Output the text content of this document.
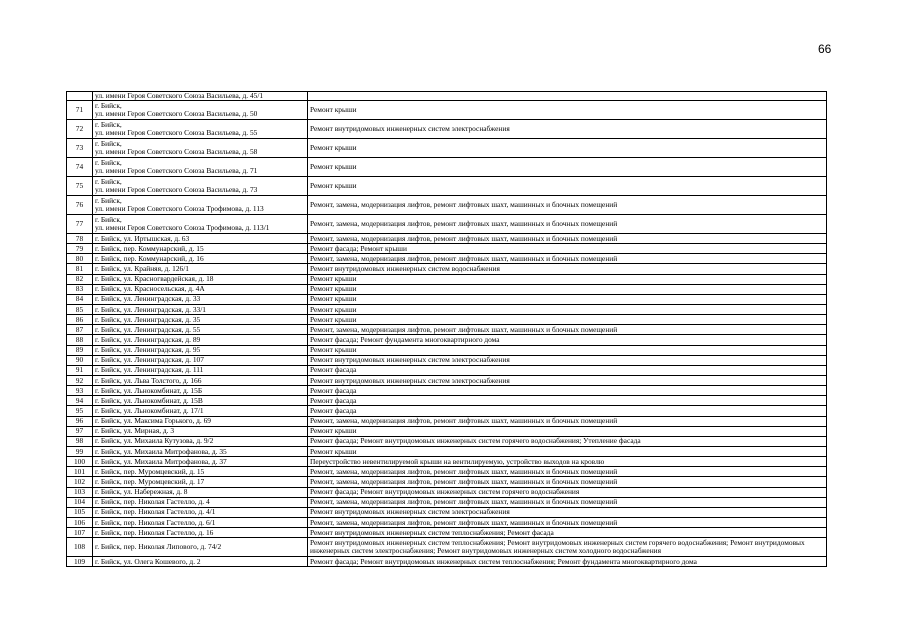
66
	ул. имени Героя Советского Союза Васильева, д. 45/1	
71	г. Бийск,
ул. имени Героя Советского Союза Васильева, д. 50	Ремонт крыши
72	г. Бийск,
ул. имени Героя Советского Союза Васильева, д. 55	Ремонт внутридомовых инженерных систем электроснабжения
73	г. Бийск,
ул. имени Героя Советского Союза Васильева, д. 58	Ремонт крыши
74	г. Бийск,
ул. имени Героя Советского Союза Васильева, д. 71	Ремонт крыши
75	г. Бийск,
ул. имени Героя Советского Союза Васильева, д. 73	Ремонт крыши
76	г. Бийск,
ул. имени Героя Советского Союза Трофимова, д. 113	Ремонт, замена, модернизация лифтов, ремонт лифтовых шахт, машинных и блочных помещений
77	г. Бийск,
ул. имени Героя Советского Союза Трофимова, д. 113/1	Ремонт, замена, модернизация лифтов, ремонт лифтовых шахт, машинных и блочных помещений
78	г. Бийск, ул. Иртышская, д. 63	Ремонт, замена, модернизация лифтов, ремонт лифтовых шахт, машинных и блочных помещений
79	г. Бийск, пер. Коммунарский, д. 15	Ремонт фасада; Ремонт крыши
80	г. Бийск, пер. Коммунарский, д. 16	Ремонт, замена, модернизация лифтов, ремонт лифтовых шахт, машинных и блочных помещений
81	г. Бийск, ул. Крайняя, д. 126/1	Ремонт внутридомовых инженерных систем водоснабжения
82	г. Бийск, ул. Красногвардейская, д. 18	Ремонт крыши
83	г. Бийск, ул. Красносельская, д. 4А	Ремонт крыши
84	г. Бийск, ул. Ленинградская, д. 33	Ремонт крыши
85	г. Бийск, ул. Ленинградская, д. 33/1	Ремонт крыши
86	г. Бийск, ул. Ленинградская, д. 35	Ремонт крыши
87	г. Бийск, ул. Ленинградская, д. 55	Ремонт, замена, модернизация лифтов, ремонт лифтовых шахт, машинных и блочных помещений
88	г. Бийск, ул. Ленинградская, д. 89	Ремонт фасада; Ремонт фундамента многоквартирного дома
89	г. Бийск, ул. Ленинградская, д. 95	Ремонт крыши
90	г. Бийск, ул. Ленинградская, д. 107	Ремонт внутридомовых инженерных систем электроснабжения
91	г. Бийск, ул. Ленинградская, д. 111	Ремонт фасада
92	г. Бийск, ул. Льва Толстого, д. 166	Ремонт внутридомовых инженерных систем электроснабжения
93	г. Бийск, ул. Льнокомбинат, д. 15Б	Ремонт фасада
94	г. Бийск, ул. Льнокомбинат, д. 15В	Ремонт фасада
95	г. Бийск, ул. Льнокомбинат, д. 17/1	Ремонт фасада
96	г. Бийск, ул. Максима Горького, д. 69	Ремонт, замена, модернизация лифтов, ремонт лифтовых шахт, машинных и блочных помещений
97	г. Бийск, ул. Мирная, д. 3	Ремонт крыши
98	г. Бийск, ул. Михаила Кутузова, д. 9/2	Ремонт фасада; Ремонт внутридомовых инженерных систем горячего водоснабжения; Утепление фасада
99	г. Бийск, ул. Михаила Митрофанова, д. 35	Ремонт крыши
100	г. Бийск, ул. Михаила Митрофанова, д. 37	Переустройство невентилируемой крыши на вентилируемую, устройство выходов на кровлю
101	г. Бийск, пер. Муромцевский, д. 15	Ремонт, замена, модернизация лифтов, ремонт лифтовых шахт, машинных и блочных помещений
102	г. Бийск, пер. Муромцевский, д. 17	Ремонт, замена, модернизация лифтов, ремонт лифтовых шахт, машинных и блочных помещений
103	г. Бийск, ул. Набережная, д. 8	Ремонт фасада; Ремонт внутридомовых инженерных систем горячего водоснабжения
104	г. Бийск, пер. Николая Гастелло, д. 4	Ремонт, замена, модернизация лифтов, ремонт лифтовых шахт, машинных и блочных помещений
105	г. Бийск, пер. Николая Гастелло, д. 4/1	Ремонт внутридомовых инженерных систем электроснабжения
106	г. Бийск, пер. Николая Гастелло, д. 6/1	Ремонт, замена, модернизация лифтов, ремонт лифтовых шахт, машинных и блочных помещений
107	г. Бийск, пер. Николая Гастелло, д. 16	Ремонт внутридомовых инженерных систем теплоснабжения; Ремонт фасада
108	г. Бийск, пер. Николая Липового, д. 74/2	Ремонт внутридомовых инженерных систем теплоснабжения; Ремонт внутридомовых инженерных систем горячего водоснабжения; Ремонт внутридомовых инженерных систем электроснабжения; Ремонт внутридомовых инженерных систем холодного водоснабжения
109	г. Бийск, ул. Олега Кошевого, д. 2	Ремонт фасада; Ремонт внутридомовых инженерных систем теплоснабжения; Ремонт фундамента многоквартирного дома
